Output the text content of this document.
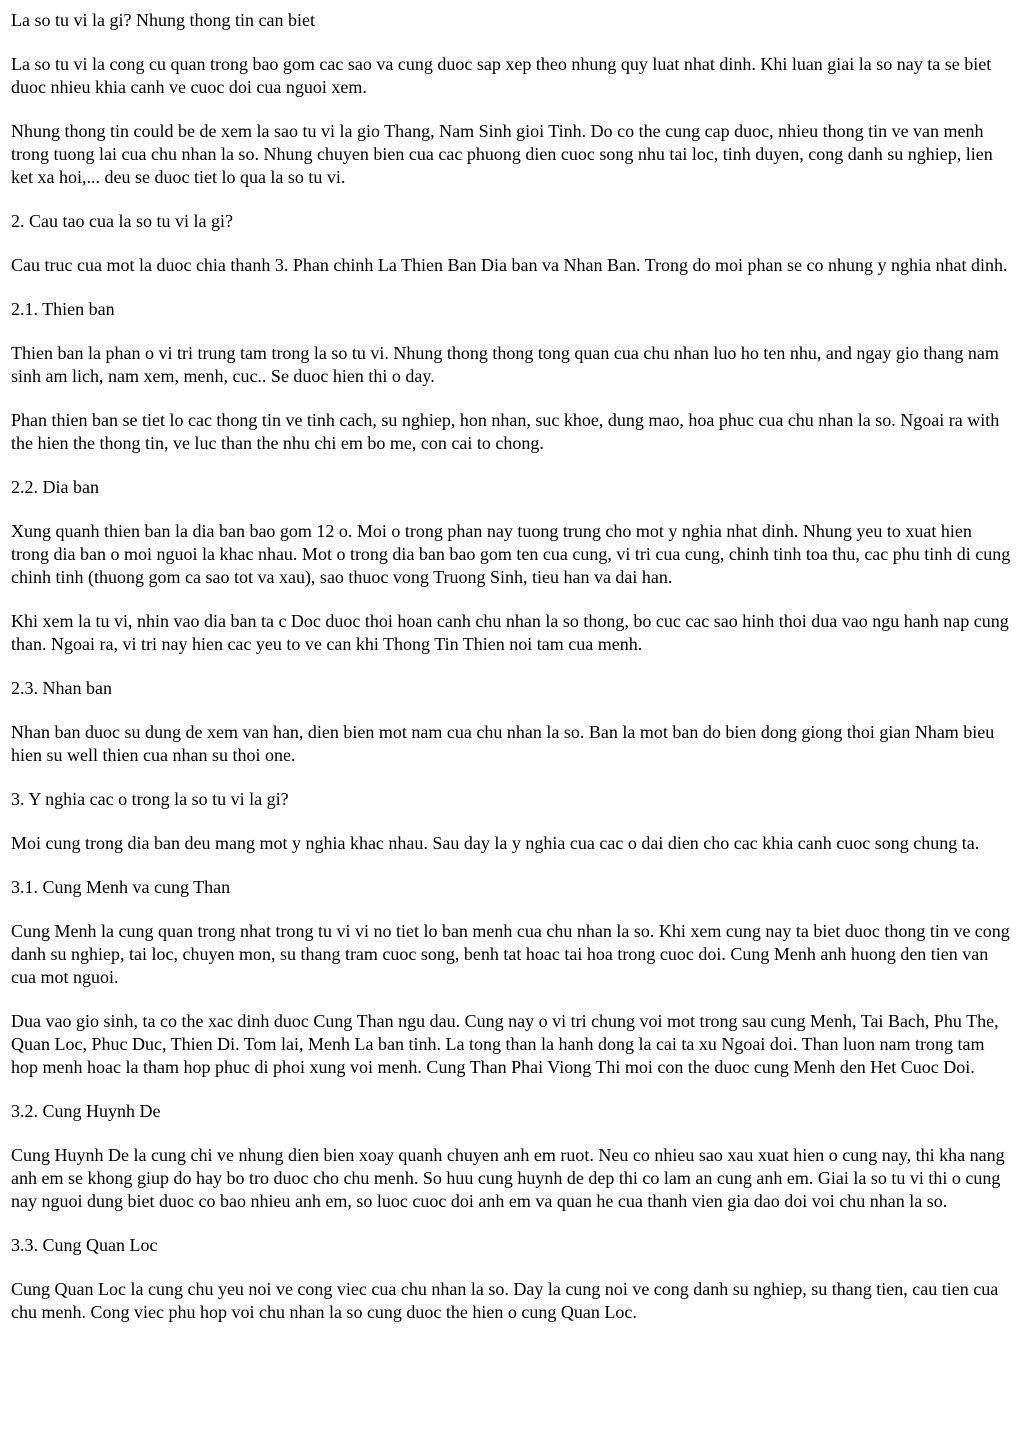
La so tu vi la gi? Nhung thong tin can biet

La so tu vi la cong cu quan trong bao gom cac sao va cung duoc sap xep theo nhung quy luat nhat dinh. Khi luan giai la so nay ta se biet duoc nhieu khia canh ve cuoc doi cua nguoi xem.

Nhung thong tin could be de xem la sao tu vi la gio Thang, Nam Sinh gioi Tinh. Do co the cung cap duoc, nhieu thong tin ve van menh trong tuong lai cua chu nhan la so. Nhung chuyen bien cua cac phuong dien cuoc song nhu tai loc, tinh duyen, cong danh su nghiep, lien ket xa hoi,... deu se duoc tiet lo qua la so tu vi.

2. Cau tao cua la so tu vi la gi?

Cau truc cua mot la duoc chia thanh 3. Phan chinh La Thien Ban Dia ban va Nhan Ban. Trong do moi phan se co nhung y nghia nhat dinh.

2.1. Thien ban

Thien ban la phan o vi tri trung tam trong la so tu vi. Nhung thong thong tong quan cua chu nhan luo ho ten nhu, and ngay gio thang nam sinh am lich, nam xem, menh, cuc.. Se duoc hien thi o day.

Phan thien ban se tiet lo cac thong tin ve tinh cach, su nghiep, hon nhan, suc khoe, dung mao, hoa phuc cua chu nhan la so. Ngoai ra with the hien the thong tin, ve luc than the nhu chi em bo me, con cai to chong.

2.2. Dia ban

Xung quanh thien ban la dia ban bao gom 12 o. Moi o trong phan nay tuong trung cho mot y nghia nhat dinh. Nhung yeu to xuat hien trong dia ban o moi nguoi la khac nhau. Mot o trong dia ban bao gom ten cua cung, vi tri cua cung, chinh tinh toa thu, cac phu tinh di cung chinh tinh (thuong gom ca sao tot va xau), sao thuoc vong Truong Sinh, tieu han va dai han.

Khi xem la tu vi, nhin vao dia ban ta c Doc duoc thoi hoan canh chu nhan la so thong, bo cuc cac sao hinh thoi dua vao ngu hanh nap cung than. Ngoai ra, vi tri nay hien cac yeu to ve can khi Thong Tin Thien noi tam cua menh.

2.3. Nhan ban

Nhan ban duoc su dung de xem van han, dien bien mot nam cua chu nhan la so. Ban la mot ban do bien dong giong thoi gian Nham bieu hien su well thien cua nhan su thoi one.

3. Y nghia cac o trong la so tu vi la gi?

Moi cung trong dia ban deu mang mot y nghia khac nhau. Sau day la y nghia cua cac o dai dien cho cac khia canh cuoc song chung ta.

3.1. Cung Menh va cung Than

Cung Menh la cung quan trong nhat trong tu vi vi no tiet lo ban menh cua chu nhan la so. Khi xem cung nay ta biet duoc thong tin ve cong danh su nghiep, tai loc, chuyen mon, su thang tram cuoc song, benh tat hoac tai hoa trong cuoc doi. Cung Menh anh huong den tien van cua mot nguoi.

Dua vao gio sinh, ta co the xac dinh duoc Cung Than ngu dau. Cung nay o vi tri chung voi mot trong sau cung Menh, Tai Bach, Phu The, Quan Loc, Phuc Duc, Thien Di. Tom lai, Menh La ban tinh. La tong than la hanh dong la cai ta xu Ngoai doi. Than luon nam trong tam hop menh hoac la tham hop phuc di phoi xung voi menh. Cung Than Phai Viong Thi moi con the duoc cung Menh den Het Cuoc Doi.

3.2. Cung Huynh De

Cung Huynh De la cung chi ve nhung dien bien xoay quanh chuyen anh em ruot. Neu co nhieu sao xau xuat hien o cung nay, thi kha nang anh em se khong giup do hay bo tro duoc cho chu menh. So huu cung huynh de dep thi co lam an cung anh em. Giai la so tu vi thi o cung nay nguoi dung biet duoc co bao nhieu anh em, so luoc cuoc doi anh em va quan he cua thanh vien gia dao doi voi chu nhan la so.

3.3. Cung Quan Loc

Cung Quan Loc la cung chu yeu noi ve cong viec cua chu nhan la so. Day la cung noi ve cong danh su nghiep, su thang tien, cau tien cua chu menh. Cong viec phu hop voi chu nhan la so cung duoc the hien o cung Quan Loc.
